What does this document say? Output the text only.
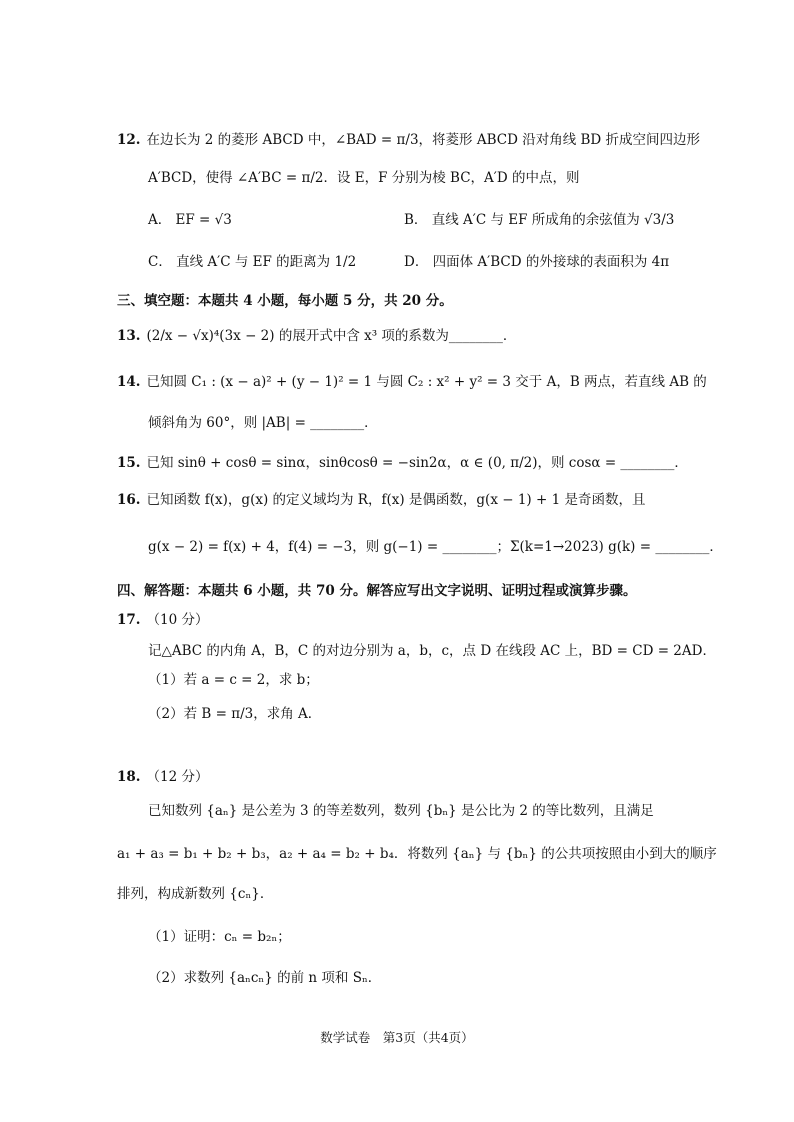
12. 在边长为 2 的菱形 ABCD 中，∠BAD = π/3，将菱形 ABCD 沿对角线 BD 折成空间四边形
A′BCD，使得 ∠A′BC = π/2．设 E，F 分别为棱 BC，A′D 的中点，则
A． EF = √3	B． 直线 A′C 与 EF 所成角的余弦值为 √3/3
C． 直线 A′C 与 EF 的距离为 1/2	D． 四面体 A′BCD 的外接球的表面积为 4π
三、填空题：本题共 4 小题，每小题 5 分，共 20 分。
13. (2/x − √x)⁴(3x − 2) 的展开式中含 x³ 项的系数为________．
14. 已知圆 C₁ : (x − a)² + (y − 1)² = 1 与圆 C₂ : x² + y² = 3 交于 A，B 两点，若直线 AB 的
倾斜角为 60°，则 |AB| = ________．
15. 已知 sinθ + cosθ = sinα，sinθcosθ = −sin2α，α ∈ (0, π/2)，则 cosα = ________．
16. 已知函数 f(x)，g(x) 的定义域均为 R，f(x) 是偶函数，g(x − 1) + 1 是奇函数，且
g(x − 2) = f(x) + 4，f(4) = −3，则 g(−1) = ________；Σ(k=1→2023) g(k) = ________．
四、解答题：本题共 6 小题，共 70 分。解答应写出文字说明、证明过程或演算步骤。
17. （10 分）
记△ABC 的内角 A，B，C 的对边分别为 a，b，c，点 D 在线段 AC 上，BD = CD = 2AD．
（1）若 a = c = 2，求 b；
（2）若 B = π/3，求角 A．
18. （12 分）
已知数列 {aₙ} 是公差为 3 的等差数列，数列 {bₙ} 是公比为 2 的等比数列，且满足
a₁ + a₃ = b₁ + b₂ + b₃，a₂ + a₄ = b₂ + b₄．将数列 {aₙ} 与 {bₙ} 的公共项按照由小到大的顺序
排列，构成新数列 {cₙ}．
（1）证明：cₙ = b₂ₙ；
（2）求数列 {aₙcₙ} 的前 n 项和 Sₙ．
数学试卷　第3页（共4页）
